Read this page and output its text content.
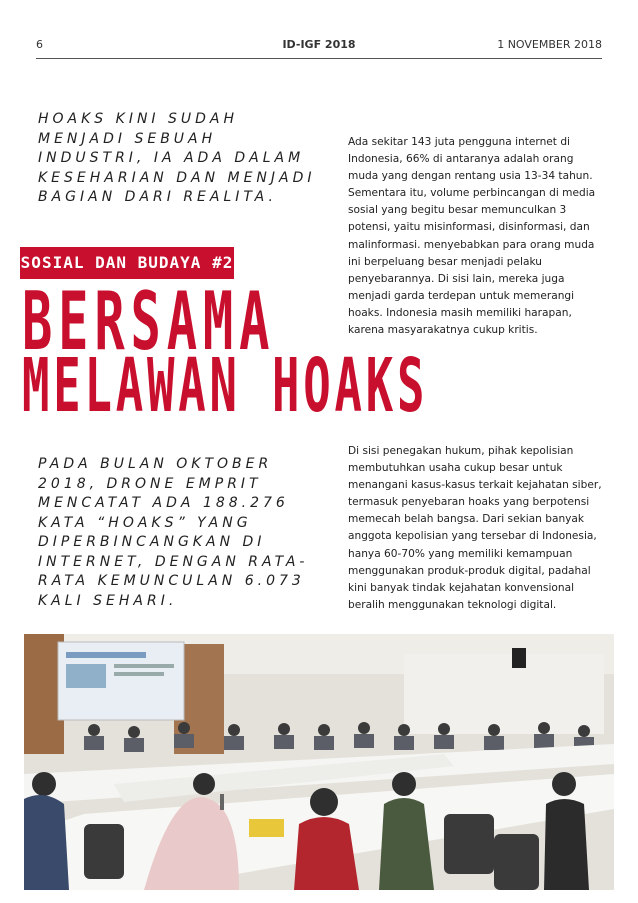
6	ID-IGF 2018	1 NOVEMBER 2018
HOAKS KINI SUDAH MENJADI SEBUAH INDUSTRI, IA ADA DALAM KESEHARIAN DAN MENJADI BAGIAN DARI REALITA.

Ada sekitar 143 juta pengguna internet di Indonesia, 66% di antaranya adalah orang muda yang dengan rentang usia 13-34 tahun. Sementara itu, volume perbincangan di media sosial yang begitu besar memunculkan 3 potensi, yaitu misinformasi, disinformasi, dan malinformasi. menyebabkan para orang muda ini berpeluang besar menjadi pelaku penyebarannya. Di sisi lain, mereka juga menjadi garda terdepan untuk memerangi hoaks. Indonesia masih memiliki harapan, karena masyarakatnya cukup kritis.

SOSIAL DAN BUDAYA #2
BERSAMA
MELAWAN HOAKS
PADA BULAN OKTOBER 2018, DRONE EMPRIT MENCATAT ADA 188.276 KATA “HOAKS” YANG DIPERBINCANGKAN DI INTERNET, DENGAN RATA-RATA KEMUNCULAN 6.073 KALI SEHARI.

Di sisi penegakan hukum, pihak kepolisian membutuhkan usaha cukup besar untuk menangani kasus-kasus terkait kejahatan siber, termasuk penyebaran hoaks yang berpotensi memecah belah bangsa. Dari sekian banyak anggota kepolisian yang tersebar di Indonesia, hanya 60-70% yang memiliki kemampuan menggunakan produk-produk digital, padahal kini banyak tindak kejahatan konvensional beralih menggunakan teknologi digital.
